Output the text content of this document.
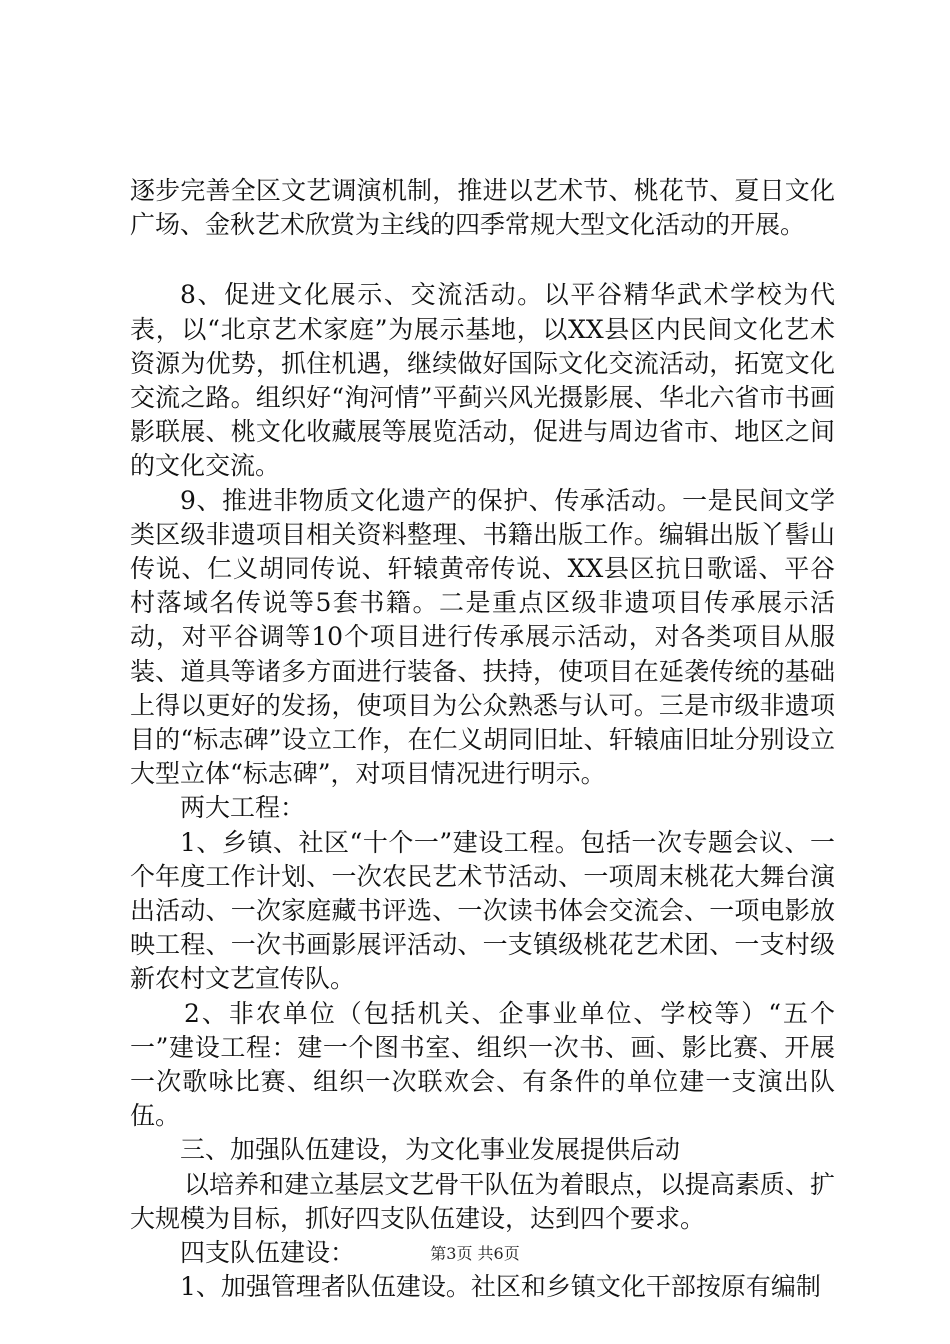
逐步完善全区文艺调演机制，推进以艺术节、桃花节、夏日文化广场、金秋艺术欣赏为主线的四季常规大型文化活动的开展。

8、促进文化展示、交流活动。以平谷精华武术学校为代表，以“北京艺术家庭”为展示基地，以XX县区内民间文化艺术资源为优势，抓住机遇，继续做好国际文化交流活动，拓宽文化交流之路。组织好“洵河情”平蓟兴风光摄影展、华北六省市书画影联展、桃文化收藏展等展览活动，促进与周边省市、地区之间的文化交流。

9、推进非物质文化遗产的保护、传承活动。一是民间文学类区级非遗项目相关资料整理、书籍出版工作。编辑出版丫髻山传说、仁义胡同传说、轩辕黄帝传说、XX县区抗日歌谣、平谷村落域名传说等5套书籍。二是重点区级非遗项目传承展示活动，对平谷调等10个项目进行传承展示活动，对各类项目从服装、道具等诸多方面进行装备、扶持，使项目在延袭传统的基础上得以更好的发扬，使项目为公众熟悉与认可。三是市级非遗项目的“标志碑”设立工作，在仁义胡同旧址、轩辕庙旧址分别设立大型立体“标志碑”，对项目情况进行明示。

两大工程：

1、乡镇、社区“十个一”建设工程。包括一次专题会议、一个年度工作计划、一次农民艺术节活动、一项周末桃花大舞台演出活动、一次家庭藏书评选、一次读书体会交流会、一项电影放映工程、一次书画影展评活动、一支镇级桃花艺术团、一支村级新农村文艺宣传队。

2、非农单位（包括机关、企事业单位、学校等）“五个一”建设工程：建一个图书室、组织一次书、画、影比赛、开展一次歌咏比赛、组织一次联欢会、有条件的单位建一支演出队伍。

三、加强队伍建设，为文化事业发展提供后动

以培养和建立基层文艺骨干队伍为着眼点，以提高素质、扩大规模为目标，抓好四支队伍建设，达到四个要求。

四支队伍建设：

1、加强管理者队伍建设。社区和乡镇文化干部按原有编制

第3页 共6页
